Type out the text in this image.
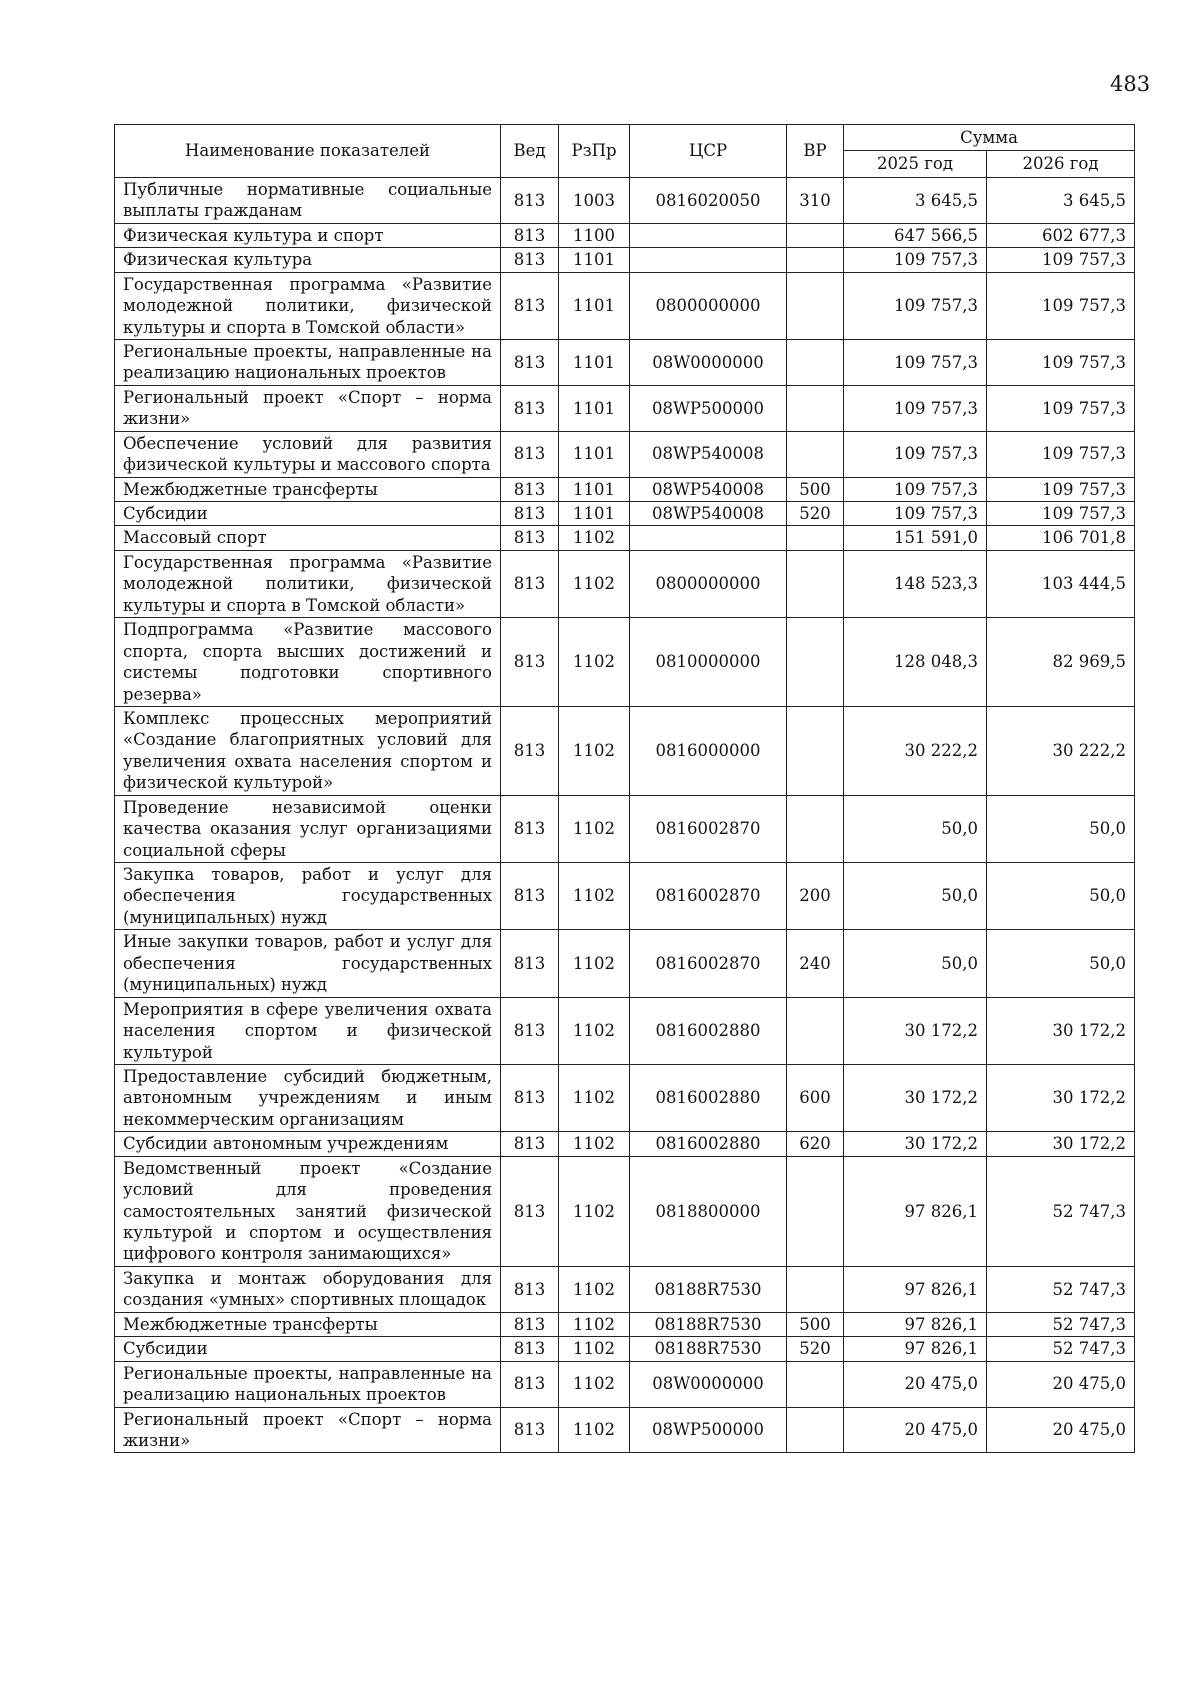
483
Наименование показателей	Вед	РзПр	ЦСР	ВР	Сумма	
					2025 год	2026 год
Публичные нормативные социальные выплаты гражданам	813	1003	0816020050	310	3 645,5	3 645,5
Физическая культура и спорт	813	1100			647 566,5	602 677,3
Физическая культура	813	1101			109 757,3	109 757,3
Государственная программа «Развитие молодежной политики, физической культуры и спорта в Томской области»	813	1101	0800000000		109 757,3	109 757,3
Региональные проекты, направленные на реализацию национальных проектов	813	1101	08W0000000		109 757,3	109 757,3
Региональный проект «Спорт – норма жизни»	813	1101	08WP500000		109 757,3	109 757,3
Обеспечение условий для развития физической культуры и массового спорта	813	1101	08WP540008		109 757,3	109 757,3
Межбюджетные трансферты	813	1101	08WP540008	500	109 757,3	109 757,3
Субсидии	813	1101	08WP540008	520	109 757,3	109 757,3
Массовый спорт	813	1102			151 591,0	106 701,8
Государственная программа «Развитие молодежной политики, физической культуры и спорта в Томской области»	813	1102	0800000000		148 523,3	103 444,5
Подпрограмма «Развитие массового спорта, спорта высших достижений и системы подготовки спортивного резерва»	813	1102	0810000000		128 048,3	82 969,5
Комплекс процессных мероприятий «Создание благоприятных условий для увеличения охвата населения спортом и физической культурой»	813	1102	0816000000		30 222,2	30 222,2
Проведение независимой оценки качества оказания услуг организациями социальной сферы	813	1102	0816002870		50,0	50,0
Закупка товаров, работ и услуг для обеспечения государственных (муниципальных) нужд	813	1102	0816002870	200	50,0	50,0
Иные закупки товаров, работ и услуг для обеспечения государственных (муниципальных) нужд	813	1102	0816002870	240	50,0	50,0
Мероприятия в сфере увеличения охвата населения спортом и физической культурой	813	1102	0816002880		30 172,2	30 172,2
Предоставление субсидий бюджетным, автономным учреждениям и иным некоммерческим организациям	813	1102	0816002880	600	30 172,2	30 172,2
Субсидии автономным учреждениям	813	1102	0816002880	620	30 172,2	30 172,2
Ведомственный проект «Создание условий для проведения самостоятельных занятий физической культурой и спортом и осуществления цифрового контроля занимающихся»	813	1102	0818800000		97 826,1	52 747,3
Закупка и монтаж оборудования для создания «умных» спортивных площадок	813	1102	08188R7530		97 826,1	52 747,3
Межбюджетные трансферты	813	1102	08188R7530	500	97 826,1	52 747,3
Субсидии	813	1102	08188R7530	520	97 826,1	52 747,3
Региональные проекты, направленные на реализацию национальных проектов	813	1102	08W0000000		20 475,0	20 475,0
Региональный проект «Спорт – норма жизни»	813	1102	08WP500000		20 475,0	20 475,0
